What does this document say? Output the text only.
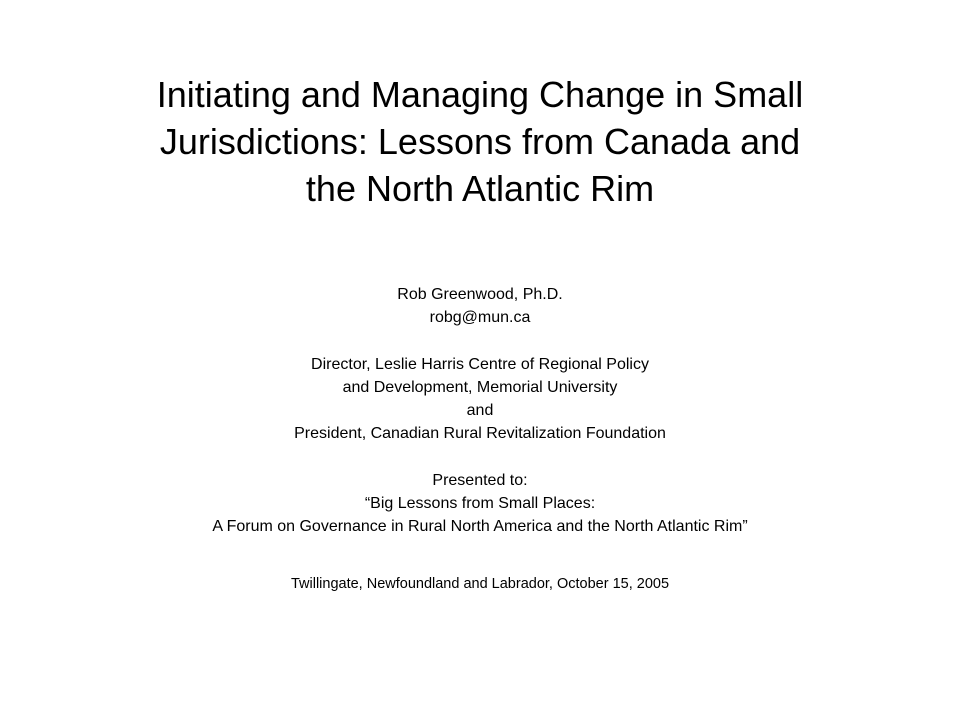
Initiating and Managing Change in Small
Jurisdictions: Lessons from Canada and
the North Atlantic Rim
Rob Greenwood, Ph.D.
robg@mun.ca
Director, Leslie Harris Centre of Regional Policy
and Development, Memorial University
and
President, Canadian Rural Revitalization Foundation
Presented to:
“Big Lessons from Small Places:
A Forum on Governance in Rural North America and the North Atlantic Rim”
Twillingate, Newfoundland and Labrador, October 15, 2005
